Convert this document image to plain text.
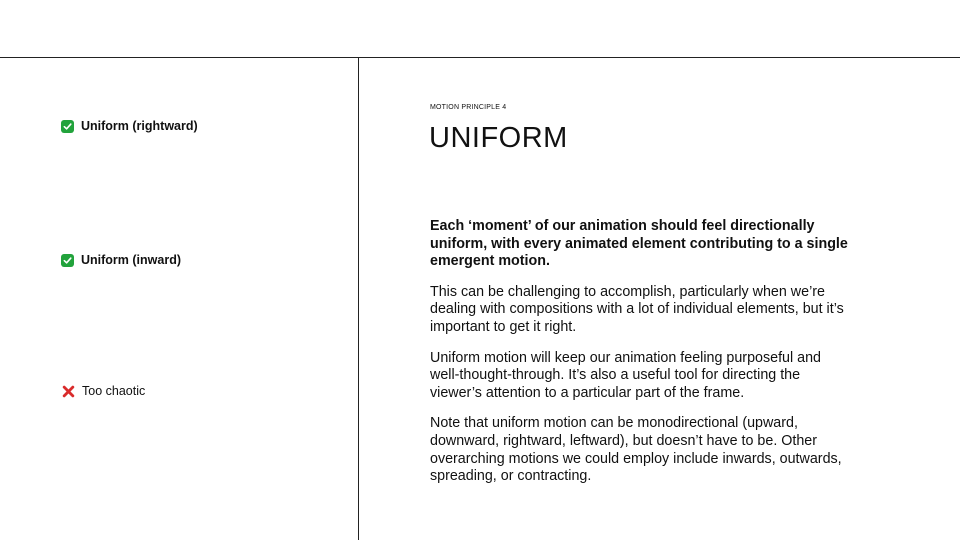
Uniform (rightward)
Uniform (inward)
Too chaotic
MOTION PRINCIPLE 4
UNIFORM

Each ‘moment’ of our animation should feel directionally uniform, with every animated element contributing to a single emergent motion.

This can be challenging to accomplish, particularly when we’re dealing with compositions with a lot of individual elements, but it’s important to get it right.

Uniform motion will keep our animation feeling purposeful and well-thought-through. It’s also a useful tool for directing the viewer’s attention to a particular part of the frame.

Note that uniform motion can be monodirectional (upward, downward, rightward, leftward), but doesn’t have to be. Other overarching motions we could employ include inwards, outwards, spreading, or contracting.
